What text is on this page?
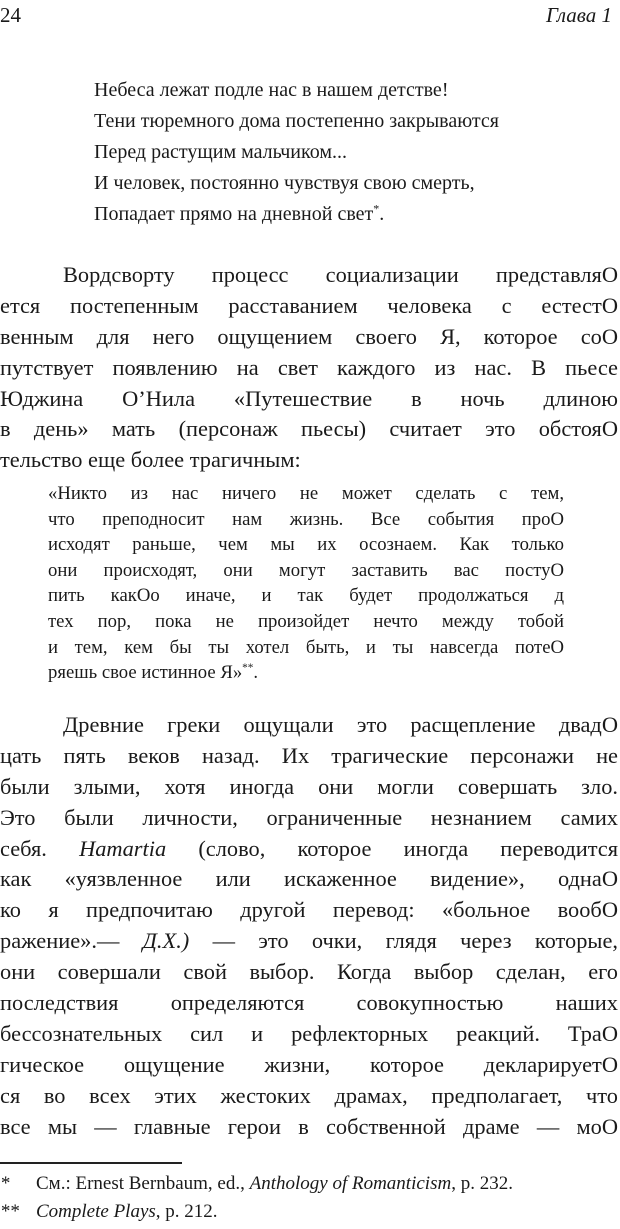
24	Глава 1
Небеса лежат подле нас в нашем детстве!
Тени тюремного дома постепенно закрываются
Перед растущим мальчиком...
И человек, постоянно чувствуя свою смерть,
Попадает прямо на дневной свет*.
Вордсворту процесс социализации представляО
ется постепенным расставанием человека с естестО
венным для него ощущением своего Я, которое соО
путствует появлению на свет каждого из нас. В пьесе
Юджина О’Нила «Путешествие в ночь длиною
в день» мать (персонаж пьесы) считает это обстояО
тельство еще более трагичным:
«Никто из нас ничего не может сделать с тем,
что преподносит нам жизнь. Все события проО
исходят раньше, чем мы их осознаем. Как только
они происходят, они могут заставить вас постуО
пить какОо иначе, и так будет продолжаться д
тех пор, пока не произойдет нечто между тобой
и тем, кем бы ты хотел быть, и ты навсегда потеО
ряешь свое истинное Я»**.
Древние греки ощущали это расщепление двадО
цать пять веков назад. Их трагические персонажи не
были злыми, хотя иногда они могли совершать зло.
Это были личности, ограниченные незнанием самих
себя. Hamartia (слово, которое иногда переводится
как «уязвленное или искаженное видение», однаО
ко я предпочитаю другой перевод: «больное вообО
ражение».— Д.Х.) — это очки, глядя через которые,
они совершали свой выбор. Когда выбор сделан, его
последствия определяются совокупностью наших
бессознательных сил и рефлекторных реакций. ТраО
гическое ощущение жизни, которое декларируетО
ся во всех этих жестоких драмах, предполагает, что
все мы — главные герои в собственной драме — моО
* См.: Ernest Bernbaum, ed., Anthology of Romanticism, p. 232.
** Complete Plays, p. 212.
